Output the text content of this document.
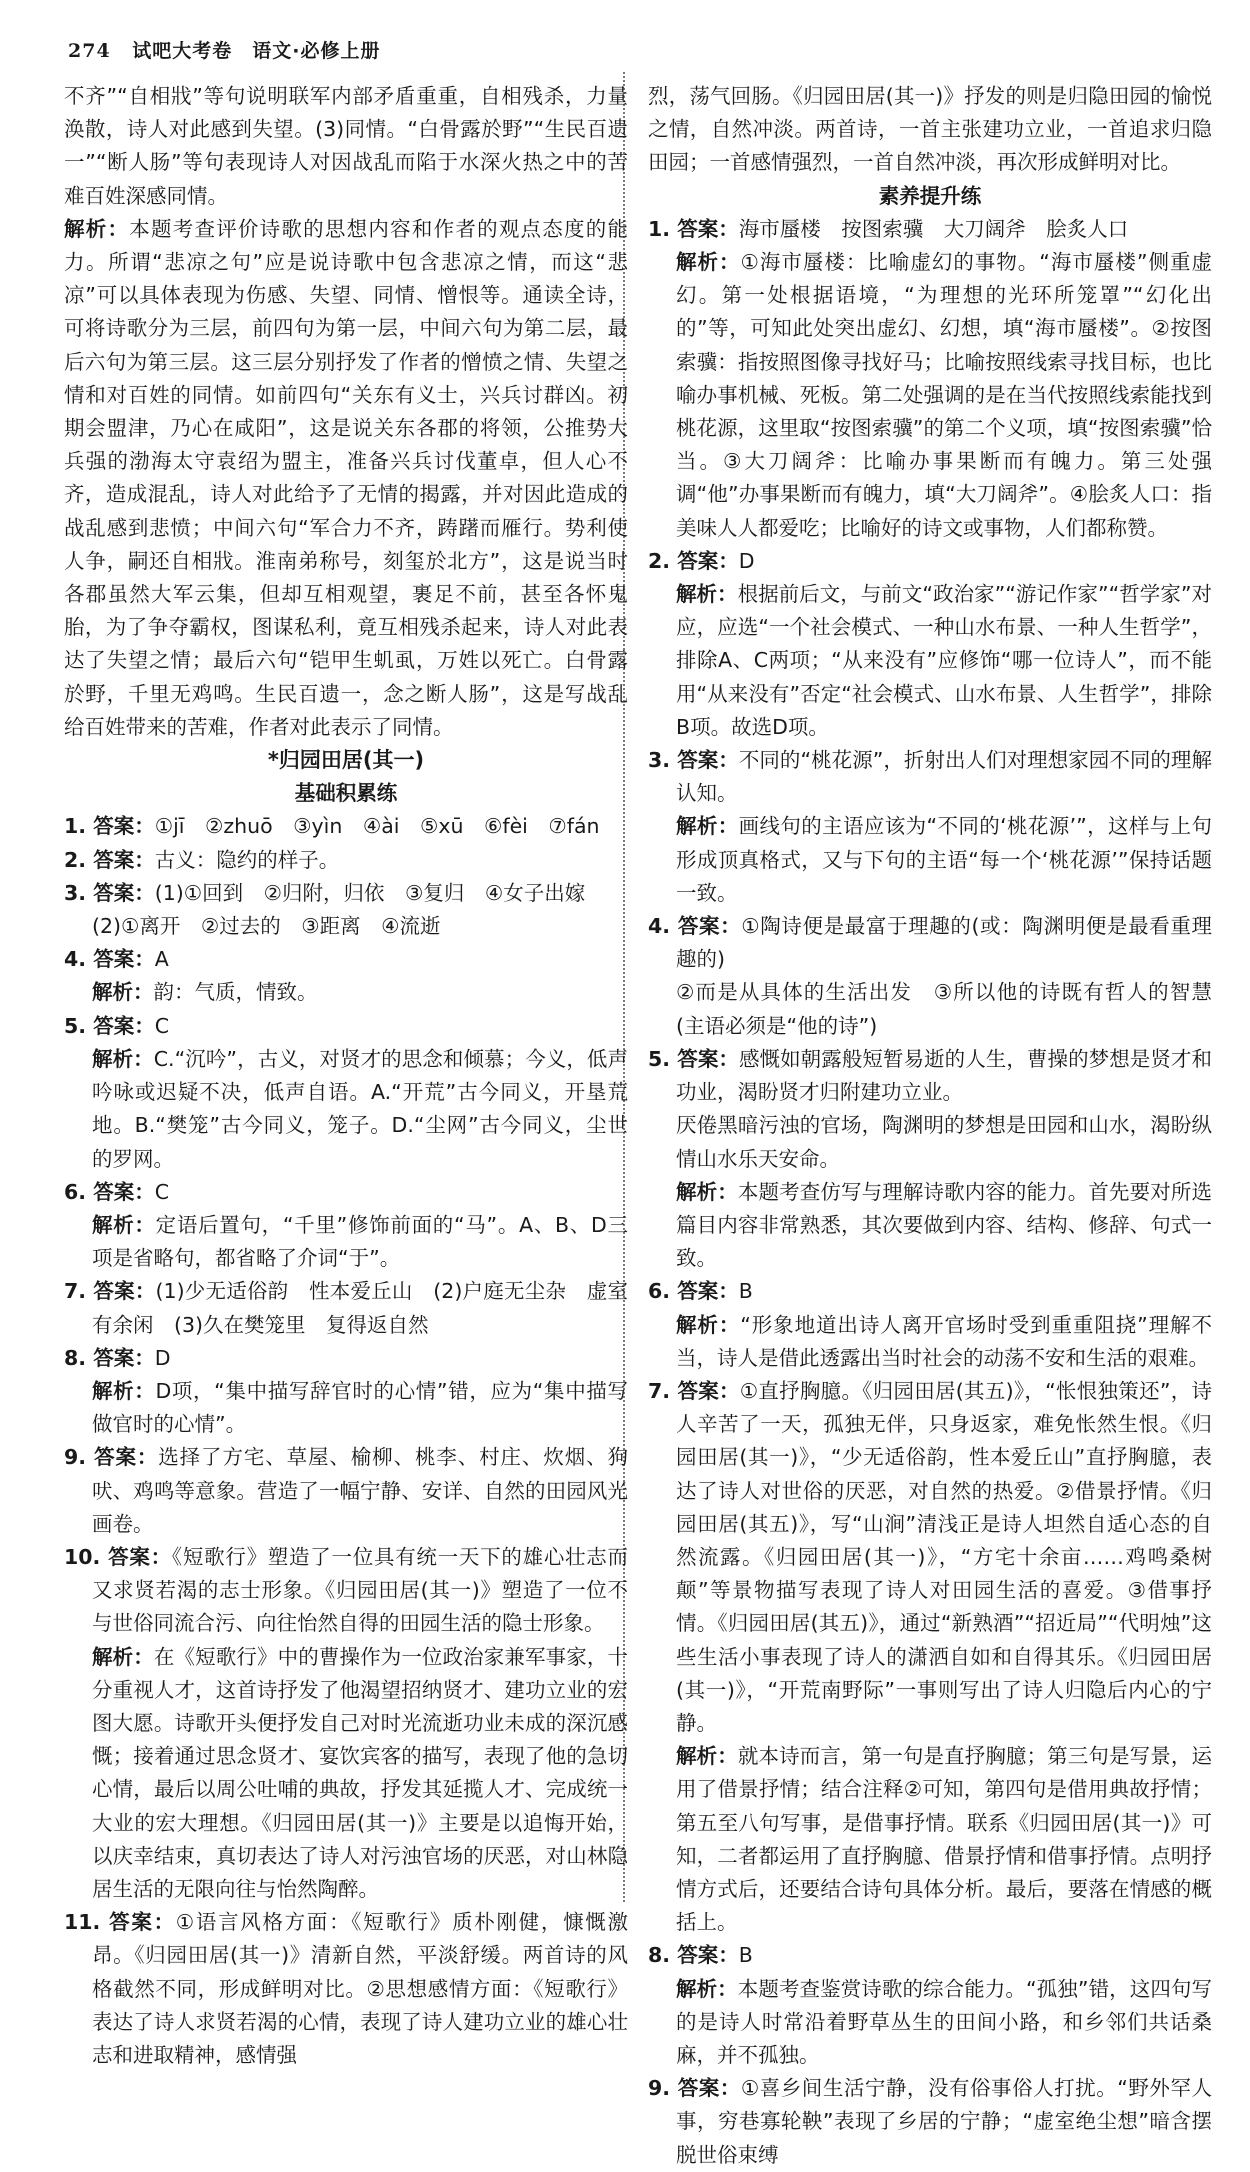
274 试吧大考卷　语文·必修上册

不齐”“自相戕”等句说明联军内部矛盾重重，自相残杀，力量涣散，诗人对此感到失望。(3)同情。“白骨露於野”“生民百遗一”“断人肠”等句表现诗人对因战乱而陷于水深火热之中的苦难百姓深感同情。

解析：本题考查评价诗歌的思想内容和作者的观点态度的能力。所谓“悲凉之句”应是说诗歌中包含悲凉之情，而这“悲凉”可以具体表现为伤感、失望、同情、憎恨等。通读全诗，可将诗歌分为三层，前四句为第一层，中间六句为第二层，最后六句为第三层。这三层分别抒发了作者的憎愤之情、失望之情和对百姓的同情。如前四句“关东有义士，兴兵讨群凶。初期会盟津，乃心在咸阳”，这是说关东各郡的将领，公推势大兵强的渤海太守袁绍为盟主，准备兴兵讨伐董卓，但人心不齐，造成混乱，诗人对此给予了无情的揭露，并对因此造成的战乱感到悲愤；中间六句“军合力不齐，踌躇而雁行。势利使人争，嗣还自相戕。淮南弟称号，刻玺於北方”，这是说当时各郡虽然大军云集，但却互相观望，裹足不前，甚至各怀鬼胎，为了争夺霸权，图谋私利，竟互相残杀起来，诗人对此表达了失望之情；最后六句“铠甲生虮虱，万姓以死亡。白骨露於野，千里无鸡鸣。生民百遗一，念之断人肠”，这是写战乱给百姓带来的苦难，作者对此表示了同情。

*归园田居(其一)

基础积累练

1. 答案：①jī　②zhuō　③yìn　④ài　⑤xū　⑥fèi　⑦fán

2. 答案：古义：隐约的样子。

3. 答案：(1)①回到　②归附，归依　③复归　④女子出嫁

(2)①离开　②过去的　③距离　④流逝

4. 答案：A

解析：韵：气质，情致。

5. 答案：C

解析：C.“沉吟”，古义，对贤才的思念和倾慕；今义，低声吟咏或迟疑不决，低声自语。A.“开荒”古今同义，开垦荒地。B.“樊笼”古今同义，笼子。D.“尘网”古今同义，尘世的罗网。

6. 答案：C

解析：定语后置句，“千里”修饰前面的“马”。A、B、D三项是省略句，都省略了介词“于”。

7. 答案：(1)少无适俗韵　性本爱丘山　(2)户庭无尘杂　虚室有余闲　(3)久在樊笼里　复得返自然

8. 答案：D

解析：D项，“集中描写辞官时的心情”错，应为“集中描写做官时的心情”。

9. 答案：选择了方宅、草屋、榆柳、桃李、村庄、炊烟、狗吠、鸡鸣等意象。营造了一幅宁静、安详、自然的田园风光画卷。

10. 答案：《短歌行》塑造了一位具有统一天下的雄心壮志而又求贤若渴的志士形象。《归园田居(其一)》塑造了一位不与世俗同流合污、向往怡然自得的田园生活的隐士形象。

解析：在《短歌行》中的曹操作为一位政治家兼军事家，十分重视人才，这首诗抒发了他渴望招纳贤才、建功立业的宏图大愿。诗歌开头便抒发自己对时光流逝功业未成的深沉感慨；接着通过思念贤才、宴饮宾客的描写，表现了他的急切心情，最后以周公吐哺的典故，抒发其延揽人才、完成统一大业的宏大理想。《归园田居(其一)》主要是以追悔开始，以庆幸结束，真切表达了诗人对污浊官场的厌恶，对山林隐居生活的无限向往与怡然陶醉。

11. 答案：①语言风格方面：《短歌行》质朴刚健，慷慨激昂。《归园田居(其一)》清新自然，平淡舒缓。两首诗的风格截然不同，形成鲜明对比。②思想感情方面：《短歌行》表达了诗人求贤若渴的心情，表现了诗人建功立业的雄心壮志和进取精神，感情强

烈，荡气回肠。《归园田居(其一)》抒发的则是归隐田园的愉悦之情，自然冲淡。两首诗，一首主张建功立业，一首追求归隐田园；一首感情强烈，一首自然冲淡，再次形成鲜明对比。

素养提升练

1. 答案：海市蜃楼　按图索骥　大刀阔斧　脍炙人口

解析：①海市蜃楼：比喻虚幻的事物。“海市蜃楼”侧重虚幻。第一处根据语境，“为理想的光环所笼罩”“幻化出的”等，可知此处突出虚幻、幻想，填“海市蜃楼”。②按图索骥：指按照图像寻找好马；比喻按照线索寻找目标，也比喻办事机械、死板。第二处强调的是在当代按照线索能找到桃花源，这里取“按图索骥”的第二个义项，填“按图索骥”恰当。③大刀阔斧：比喻办事果断而有魄力。第三处强调“他”办事果断而有魄力，填“大刀阔斧”。④脍炙人口：指美味人人都爱吃；比喻好的诗文或事物，人们都称赞。

2. 答案：D

解析：根据前后文，与前文“政治家”“游记作家”“哲学家”对应，应选“一个社会模式、一种山水布景、一种人生哲学”，排除A、C两项；“从来没有”应修饰“哪一位诗人”，而不能用“从来没有”否定“社会模式、山水布景、人生哲学”，排除B项。故选D项。

3. 答案：不同的“桃花源”，折射出人们对理想家园不同的理解认知。

解析：画线句的主语应该为“不同的‘桃花源’”，这样与上句形成顶真格式，又与下句的主语“每一个‘桃花源’”保持话题一致。

4. 答案：①陶诗便是最富于理趣的(或：陶渊明便是最看重理趣的)

②而是从具体的生活出发　③所以他的诗既有哲人的智慧(主语必须是“他的诗”)

5. 答案：感慨如朝露般短暂易逝的人生，曹操的梦想是贤才和功业，渴盼贤才归附建功立业。

厌倦黑暗污浊的官场，陶渊明的梦想是田园和山水，渴盼纵情山水乐天安命。

解析：本题考查仿写与理解诗歌内容的能力。首先要对所选篇目内容非常熟悉，其次要做到内容、结构、修辞、句式一致。

6. 答案：B

解析：“形象地道出诗人离开官场时受到重重阻挠”理解不当，诗人是借此透露出当时社会的动荡不安和生活的艰难。

7. 答案：①直抒胸臆。《归园田居(其五)》，“怅恨独策还”，诗人辛苦了一天，孤独无伴，只身返家，难免怅然生恨。《归园田居(其一)》，“少无适俗韵，性本爱丘山”直抒胸臆，表达了诗人对世俗的厌恶，对自然的热爱。②借景抒情。《归园田居(其五)》，写“山涧”清浅正是诗人坦然自适心态的自然流露。《归园田居(其一)》，“方宅十余亩……鸡鸣桑树颠”等景物描写表现了诗人对田园生活的喜爱。③借事抒情。《归园田居(其五)》，通过“新熟酒”“招近局”“代明烛”这些生活小事表现了诗人的潇洒自如和自得其乐。《归园田居(其一)》，“开荒南野际”一事则写出了诗人归隐后内心的宁静。

解析：就本诗而言，第一句是直抒胸臆；第三句是写景，运用了借景抒情；结合注释②可知，第四句是借用典故抒情；第五至八句写事，是借事抒情。联系《归园田居(其一)》可知，二者都运用了直抒胸臆、借景抒情和借事抒情。点明抒情方式后，还要结合诗句具体分析。最后，要落在情感的概括上。

8. 答案：B

解析：本题考查鉴赏诗歌的综合能力。“孤独”错，这四句写的是诗人时常沿着野草丛生的田间小路，和乡邻们共话桑麻，并不孤独。

9. 答案：①喜乡间生活宁静，没有俗事俗人打扰。“野外罕人事，穷巷寡轮鞅”表现了乡居的宁静；“虚室绝尘想”暗含摆脱世俗束缚
